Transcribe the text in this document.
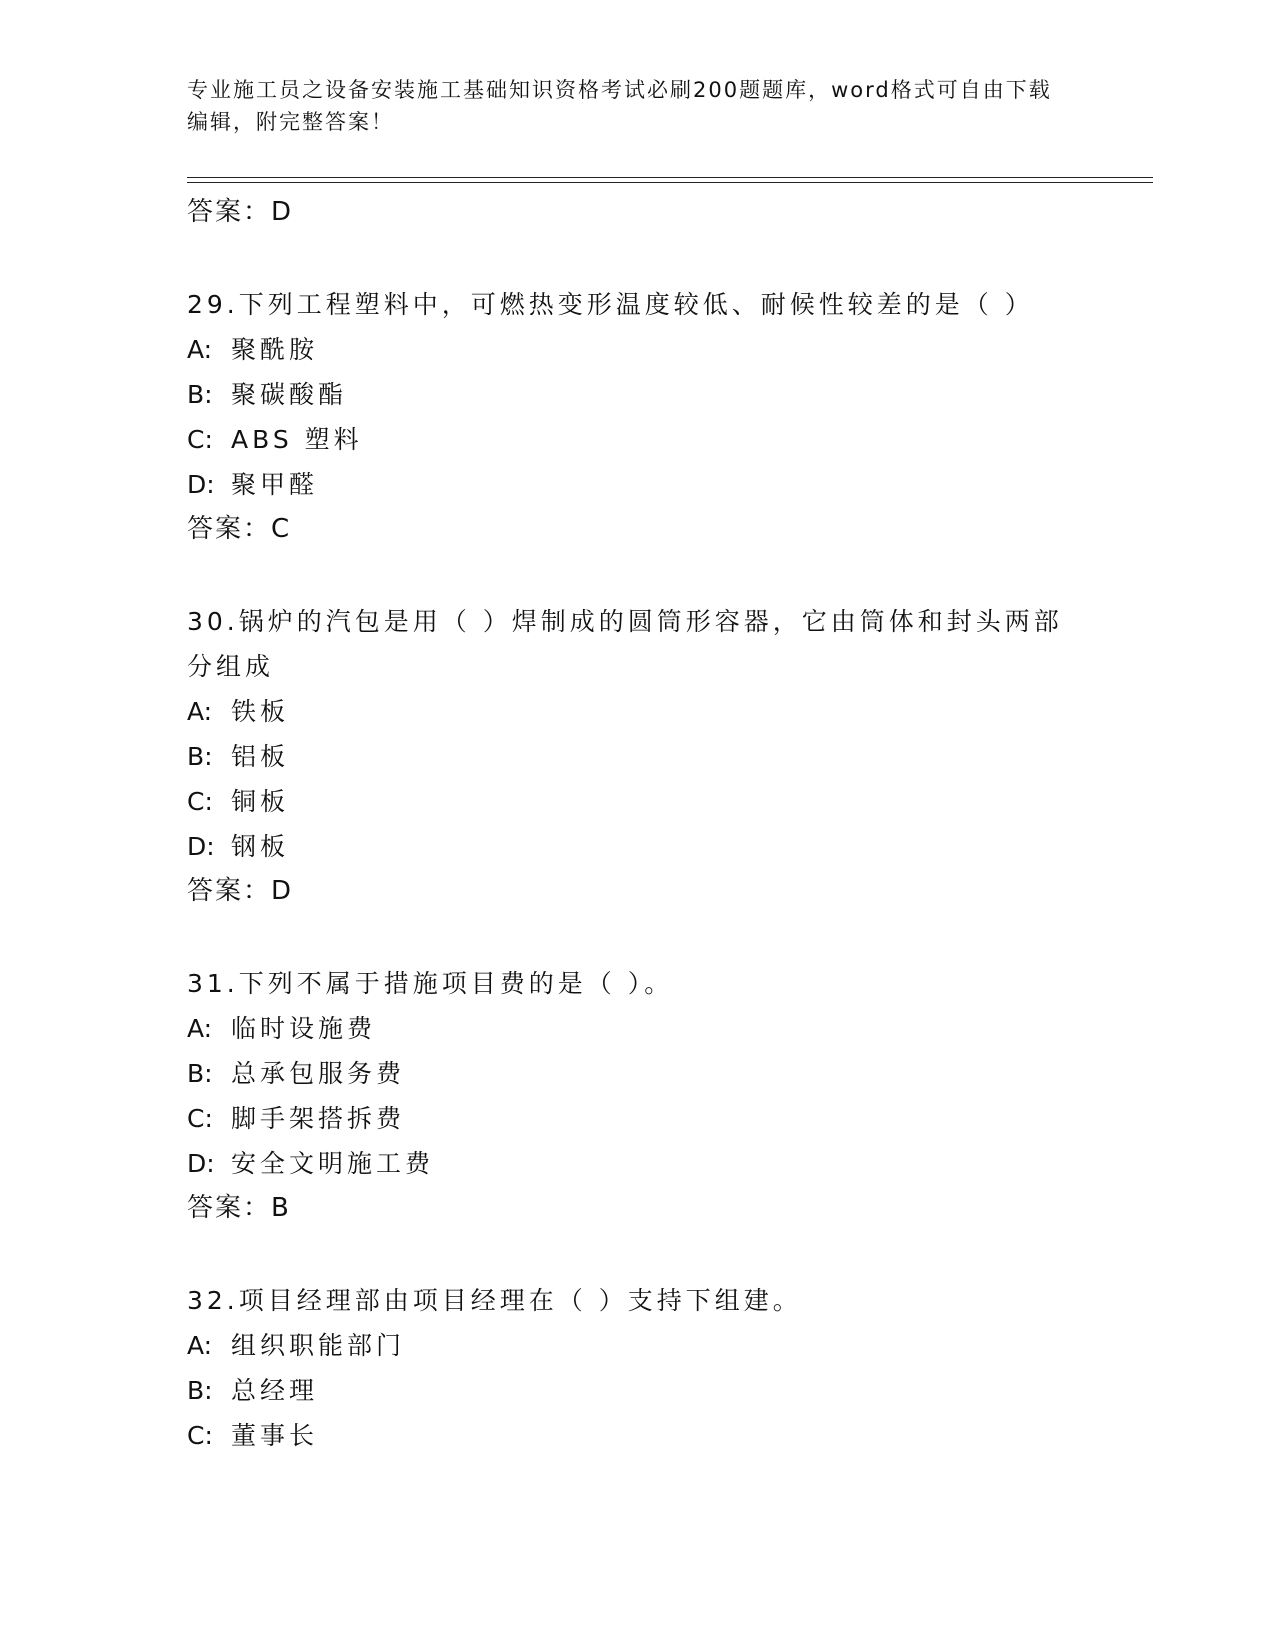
专业施工员之设备安装施工基础知识资格考试必刷200题题库，word格式可自由下载编辑，附完整答案！
答案：D
29.下列工程塑料中，可燃热变形温度较低、耐候性较差的是（ ）
A: 聚酰胺
B: 聚碳酸酯
C: ABS 塑料
D: 聚甲醛
答案：C
30.锅炉的汽包是用（ ）焊制成的圆筒形容器，它由筒体和封头两部分组成
A: 铁板
B: 铝板
C: 铜板
D: 钢板
答案：D
31.下列不属于措施项目费的是（ ）。
A: 临时设施费
B: 总承包服务费
C: 脚手架搭拆费
D: 安全文明施工费
答案：B
32.项目经理部由项目经理在（ ）支持下组建。
A: 组织职能部门
B: 总经理
C: 董事长
